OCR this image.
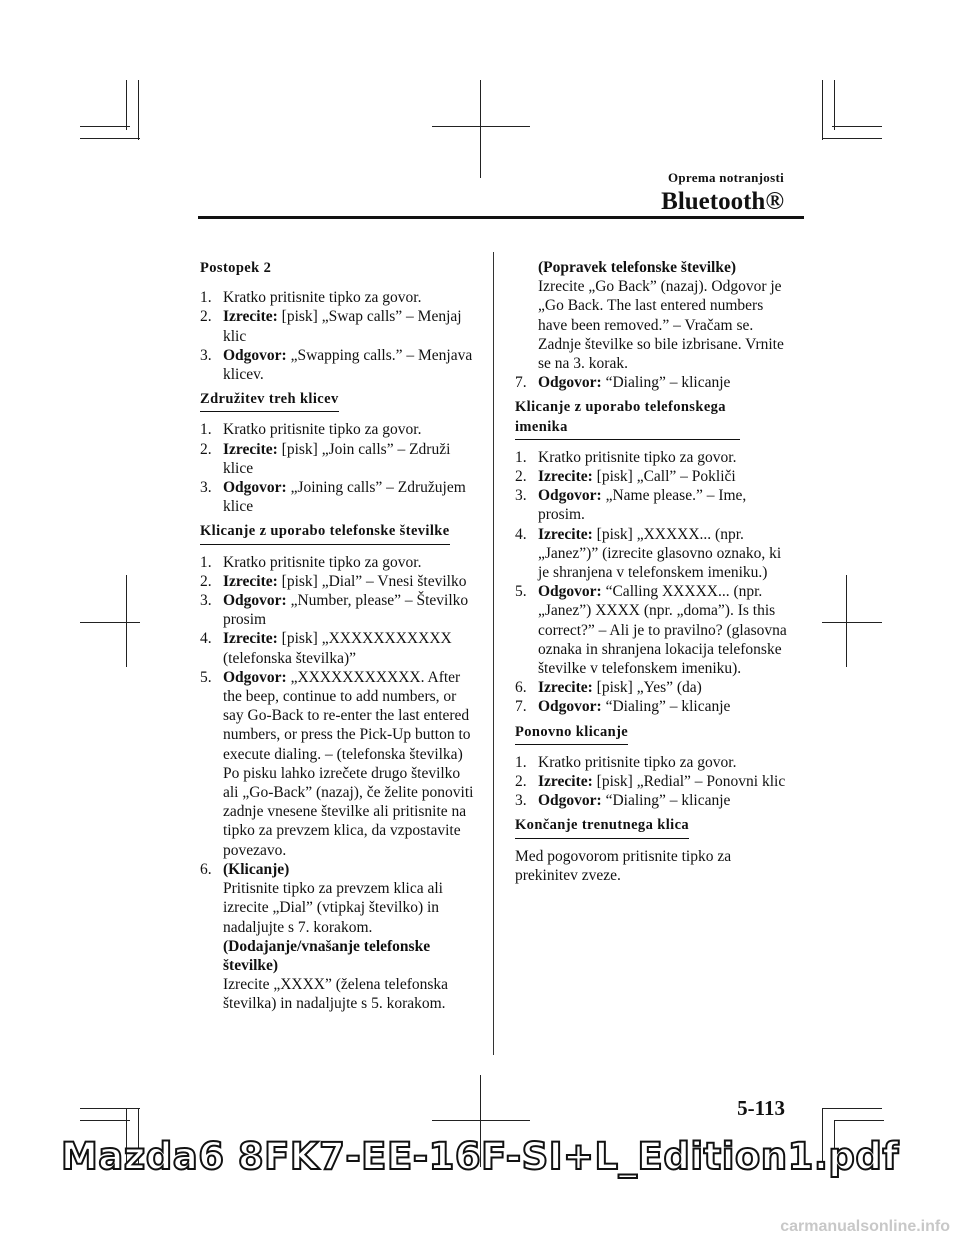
Oprema notranjosti
Bluetooth®
Postopek 2
1. Kratko pritisnite tipko za govor.
2. Izrecite: [pisk] „Swap calls” – Menjaj klic
3. Odgovor: „Swapping calls.” – Menjava klicev.
Združitev treh klicev
1. Kratko pritisnite tipko za govor.
2. Izrecite: [pisk] „Join calls” – Združi klice
3. Odgovor: „Joining calls” – Združujem klice
Klicanje z uporabo telefonske številke
1. Kratko pritisnite tipko za govor.
2. Izrecite: [pisk] „Dial” – Vnesi številko
3. Odgovor: „Number, please” – Številko prosim
4. Izrecite: [pisk] „XXXXXXXXXXX (telefonska številka)”
5. Odgovor: „XXXXXXXXXXX. After the beep, continue to add numbers, or say Go-Back to re-enter the last entered numbers, or press the Pick-Up button to execute dialing. – (telefonska številka) Po pisku lahko izrečete drugo številko ali „Go-Back” (nazaj), če želite ponoviti zadnje vnesene številke ali pritisnite na tipko za prevzem klica, da vzpostavite povezavo.
6. (Klicanje)
Pritisnite tipko za prevzem klica ali izrecite „Dial” (vtipkaj številko) in nadaljujte s 7. korakom.
(Dodajanje/vnašanje telefonske številke)
Izrecite „XXXX” (želena telefonska številka) in nadaljujte s 5. korakom.
(Popravek telefonske številke)
Izrecite „Go Back” (nazaj). Odgovor je „Go Back. The last entered numbers have been removed.” – Vračam se. Zadnje številke so bile izbrisane. Vrnite se na 3. korak.
7. Odgovor: “Dialing” – klicanje
Klicanje z uporabo telefonskega imenika
1. Kratko pritisnite tipko za govor.
2. Izrecite: [pisk] „Call” – Pokliči
3. Odgovor: „Name please.” – Ime, prosim.
4. Izrecite: [pisk] „XXXXX... (npr. „Janez”)” (izrecite glasovno oznako, ki je shranjena v telefonskem imeniku.)
5. Odgovor: “Calling XXXXX... (npr. „Janez”) XXXX (npr. „doma”). Is this correct?” – Ali je to pravilno? (glasovna oznaka in shranjena lokacija telefonske številke v telefonskem imeniku).
6. Izrecite: [pisk] „Yes” (da)
7. Odgovor: “Dialing” – klicanje
Ponovno klicanje
1. Kratko pritisnite tipko za govor.
2. Izrecite: [pisk] „Redial” – Ponovni klic
3. Odgovor: “Dialing” – klicanje
Končanje trenutnega klica
Med pogovorom pritisnite tipko za prekinitev zveze.
5-113
Mazda6 8FK7-EE-16F-SI+L_Edition1.pdf
carmanualsonline.info
